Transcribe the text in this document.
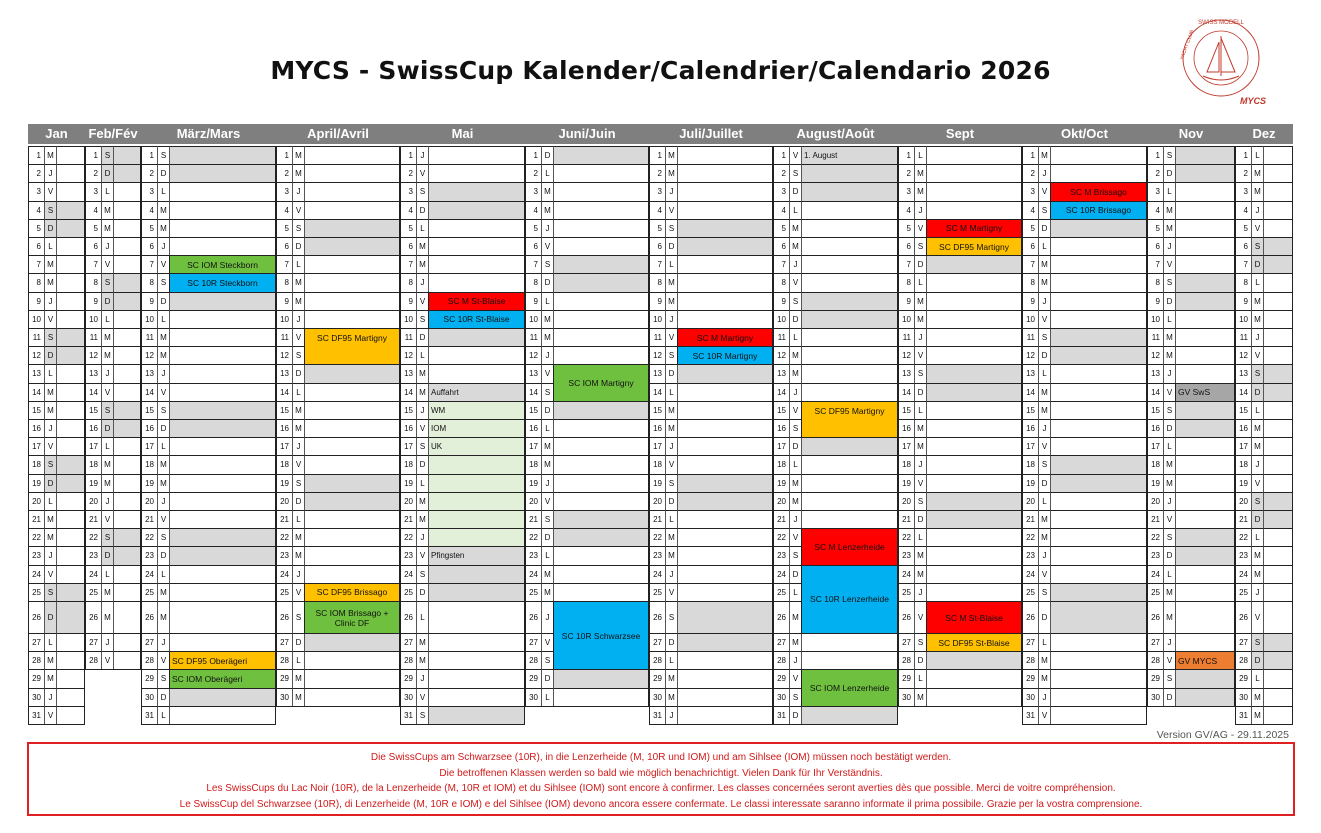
MYCS - SwissCup Kalender/Calendrier/Calendario 2026
SWISS MODELL
YACHT CLUB
MYCS
Jan
1 M
2 J
3 V
4 S
5 D
6 L
7 M
8 M
9 J
10 V
11 S
12 D
13 L
14 M
15 M
16 J
17 V
18 S
19 D
20 L
21 M
22 M
23 J
24 V
25 S
26 D
27 L
28 M
29 M
30 J
31 V
Feb/Fév
1 S
2 D
3 L
4 M
5 M
6 J
7 V
8 S
9 D
10 L
11 M
12 M
13 J
14 V
15 S
16 D
17 L
18 M
19 M
20 J
21 V
22 S
23 D
24 L
25 M
26 M
27 J
28 V
März/Mars
1 S
2 D
3 L
4 M
5 M
6 J
7 V
8 S
9 D
10 L
11 M
12 M
13 J
14 V
15 S
16 D
17 L
18 M
19 M
20 J
21 V
22 S
23 D
24 L
25 M
26 M
27 J
28 V
29 S
30 D
31 L
April/Avril
1 M
2 M
3 J
4 V
5 S
6 D
7 L
8 M
9 M
10 J
11 V
12 S
13 D
14 L
15 M
16 M
17 J
18 V
19 S
20 D
21 L
22 M
23 M
24 J
25 V
26 S
27 D
28 L
29 M
30 M
Mai
1 J
2 V
3 S
4 D
5 L
6 M
7 M
8 J
9 V
10 S
11 D
12 L
13 M
14 M Auffahrt
15 J WM
16 V IOM
17 S UK
18 D
19 L
20 M
21 M
22 J
23 V Pfingsten
24 S
25 D
26 L
27 M
28 M
29 J
30 V
31 S
Juni/Juin
1 D
2 L
3 M
4 M
5 J
6 V
7 S
8 D
9 L
10 M
11 M
12 J
13 V
14 S
15 D
16 L
17 M
18 M
19 J
20 V
21 S
22 D
23 L
24 M
25 M
26 J
27 V
28 S
29 D
30 L
Juli/Juillet
1 M
2 M
3 J
4 V
5 S
6 D
7 L
8 M
9 M
10 J
11 V
12 S
13 D
14 L
15 M
16 M
17 J
18 V
19 S
20 D
21 L
22 M
23 M
24 J
25 V
26 S
27 D
28 L
29 M
30 M
31 J
August/Août
1 V 1. August
2 S
3 D
4 L
5 M
6 M
7 J
8 V
9 S
10 D
11 L
12 M
13 M
14 J
15 V
16 S
17 D
18 L
19 M
20 M
21 J
22 V
23 S
24 D
25 L
26 M
27 M
28 J
29 V
30 S
31 D
Sept
1 L
2 M
3 M
4 J
5 V
6 S
7 D
8 L
9 M
10 M
11 J
12 V
13 S
14 D
15 L
16 M
17 M
18 J
19 V
20 S
21 D
22 L
23 M
24 M
25 J
26 V
27 S
28 D
29 L
30 M
Okt/Oct
1 M
2 J
3 V
4 S
5 D
6 L
7 M
8 M
9 J
10 V
11 S
12 D
13 L
14 M
15 M
16 J
17 V
18 S
19 D
20 L
21 M
22 M
23 J
24 V
25 S
26 D
27 L
28 M
29 M
30 J
31 V
Nov
1 S
2 D
3 L
4 M
5 M
6 J
7 V
8 S
9 D
10 L
11 M
12 M
13 J
14 V
15 S
16 D
17 L
18 M
19 M
20 J
21 V
22 S
23 D
24 L
25 M
26 M
27 J
28 V
29 S
30 D
Dez
1 L
2 M
3 M
4 J
5 V
6 S
7 D
8 L
9 M
10 M
11 J
12 V
13 S
14 D
15 L
16 M
17 M
18 J
19 V
20 S
21 D
22 L
23 M
24 M
25 J
26 V
27 S
28 D
29 L
30 M
31 M
SC IOM Steckborn
SC 10R Steckborn
SC DF95 Oberägeri
SC IOM Oberägeri
SC DF95 Martigny
SC DF95 Brissago
SC IOM Brissago + Clinic DF
SC M St-Blaise
SC 10R St-Blaise
SC IOM Martigny
SC 10R Schwarzsee
SC M Martigny
SC 10R Martigny
SC DF95 Martigny
SC M Lenzerheide
SC 10R Lenzerheide
SC IOM Lenzerheide
SC M Martigny
SC DF95 Martigny
SC M St-Blaise
SC DF95 St-Blaise
SC M Brissago
SC 10R Brissago
GV SwS
GV MYCS
Version GV/AG - 29.11.2025
Die SwissCups am Schwarzsee (10R), in die Lenzerheide (M, 10R und IOM) und am Sihlsee (IOM) müssen noch bestätigt werden.
Die betroffenen Klassen werden so bald wie möglich benachrichtigt. Vielen Dank für Ihr Verständnis.
Les SwissCups du Lac Noir (10R), de la Lenzerheide (M, 10R et IOM) et du Sihlsee (IOM) sont encore à confirmer. Les classes concernées seront averties dès que possible. Merci de voitre compréhension.
Le SwissCup del Schwarzsee (10R), di Lenzerheide (M, 10R e IOM) e del Sihlsee (IOM) devono ancora essere confermate. Le classi interessate saranno informate il prima possibile. Grazie per la vostra comprensione.
